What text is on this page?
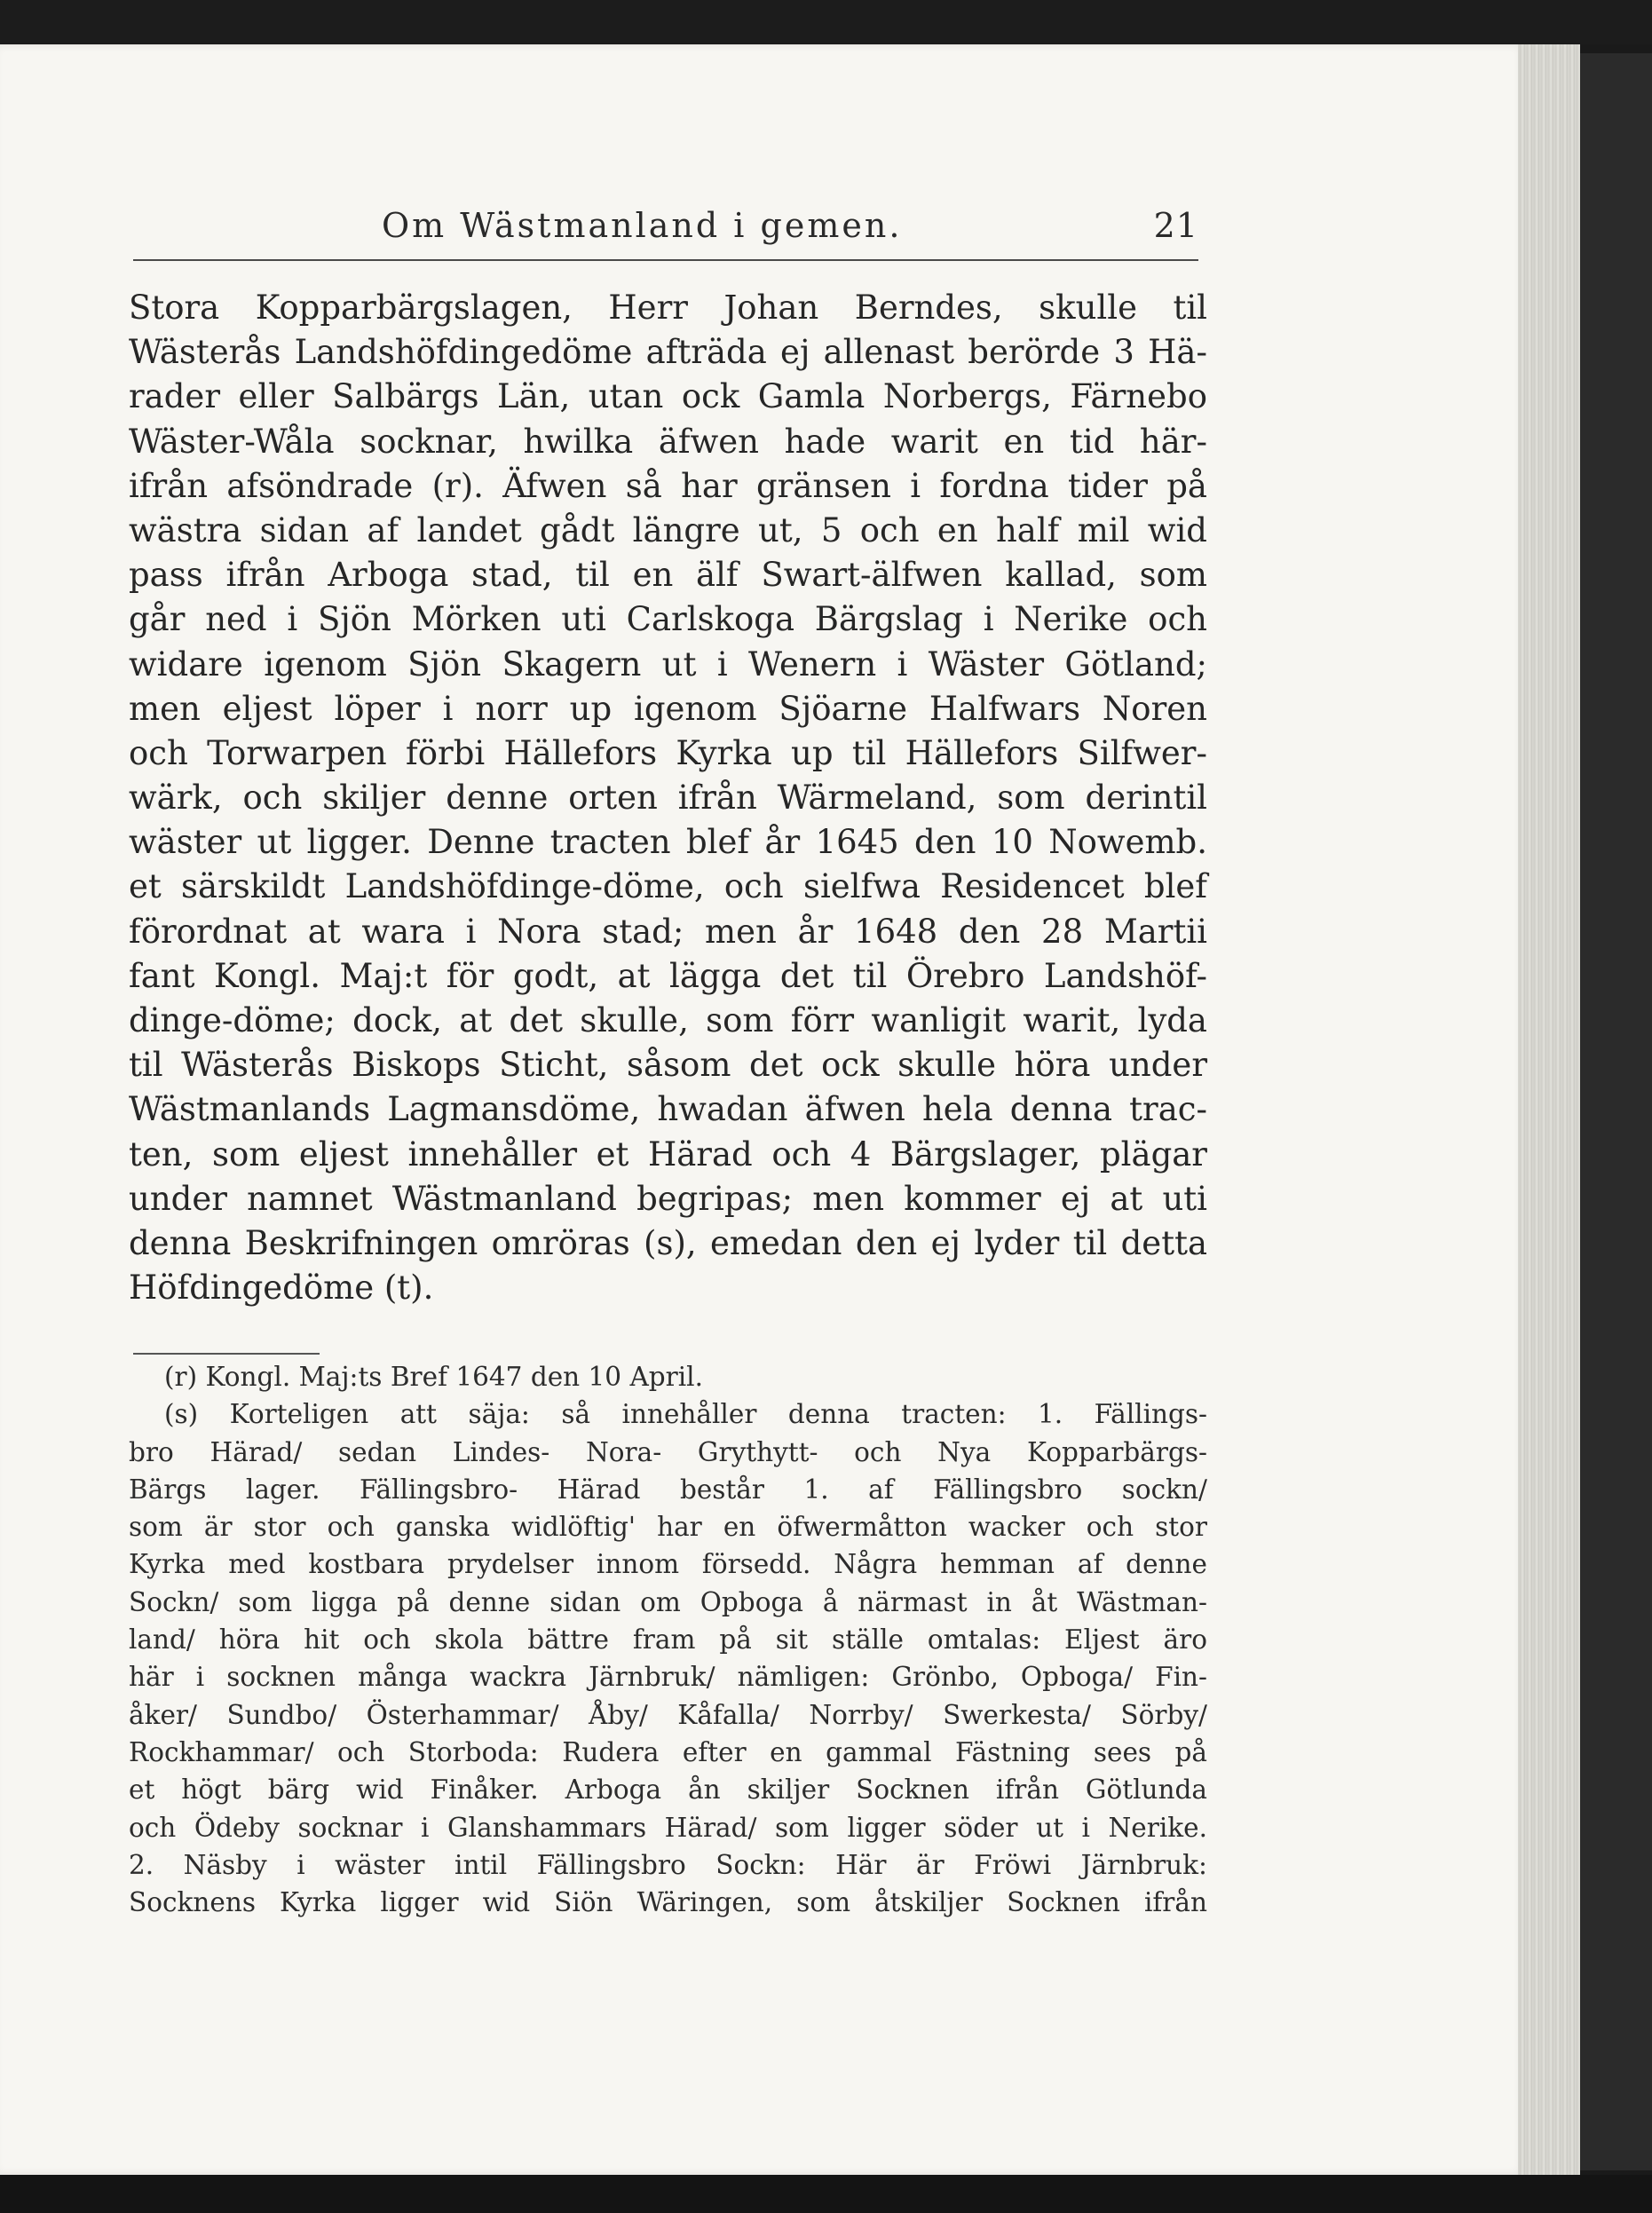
Om Wästmanland i gemen.	21
Stora Kopparbärgslagen, Herr Johan Berndes, skulle til
Wästerås Landshöfdingedöme afträda ej allenast berörde 3 Hä-
rader eller Salbärgs Län, utan ock Gamla Norbergs, Färnebo
Wäster-Wåla socknar, hwilka äfwen hade warit en tid här-
ifrån afsöndrade (r). Äfwen så har gränsen i fordna tider på
wästra sidan af landet gådt längre ut, 5 och en half mil wid
pass ifrån Arboga stad, til en älf Swart-älfwen kallad, som
går ned i Sjön Mörken uti Carlskoga Bärgslag i Nerike och
widare igenom Sjön Skagern ut i Wenern i Wäster Götland;
men eljest löper i norr up igenom Sjöarne Halfwars Noren
och Torwarpen förbi Hällefors Kyrka up til Hällefors Silfwer-
wärk, och skiljer denne orten ifrån Wärmeland, som derintil
wäster ut ligger. Denne tracten blef år 1645 den 10 Nowemb.
et särskildt Landshöfdinge-döme, och sielfwa Residencet blef
förordnat at wara i Nora stad; men år 1648 den 28 Martii
fant Kongl. Maj:t för godt, at lägga det til Örebro Landshöf-
dinge-döme; dock, at det skulle, som förr wanligit warit, lyda
til Wästerås Biskops Sticht, såsom det ock skulle höra under
Wästmanlands Lagmansdöme, hwadan äfwen hela denna trac-
ten, som eljest innehåller et Härad och 4 Bärgslager, plägar
under namnet Wästmanland begripas; men kommer ej at uti
denna Beskrifningen omröras (s), emedan den ej lyder til detta
Höfdingedöme (t).
(r) Kongl. Maj:ts Bref 1647 den 10 April.
(s) Korteligen att säja: så innehåller denna tracten: 1. Fällings-
bro Härad/ sedan Lindes- Nora- Grythytt- och Nya Kopparbärgs-
Bärgs lager. Fällingsbro- Härad består 1. af Fällingsbro sockn/
som är stor och ganska widlöftig' har en öfwermåtton wacker och stor
Kyrka med kostbara prydelser innom försedd. Några hemman af denne
Sockn/ som ligga på denne sidan om Opboga å närmast in åt Wästman-
land/ höra hit och skola bättre fram på sit ställe omtalas: Eljest äro
här i socknen många wackra Järnbruk/ nämligen: Grönbo, Opboga/ Fin-
åker/ Sundbo/ Österhammar/ Åby/ Kåfalla/ Norrby/ Swerkesta/ Sörby/
Rockhammar/ och Storboda: Rudera efter en gammal Fästning sees på
et högt bärg wid Finåker. Arboga ån skiljer Socknen ifrån Götlunda
och Ödeby socknar i Glanshammars Härad/ som ligger söder ut i Nerike.
2. Näsby i wäster intil Fällingsbro Sockn: Här är Fröwi Järnbruk:
Socknens Kyrka ligger wid Siön Wäringen, som åtskiljer Socknen ifrån
